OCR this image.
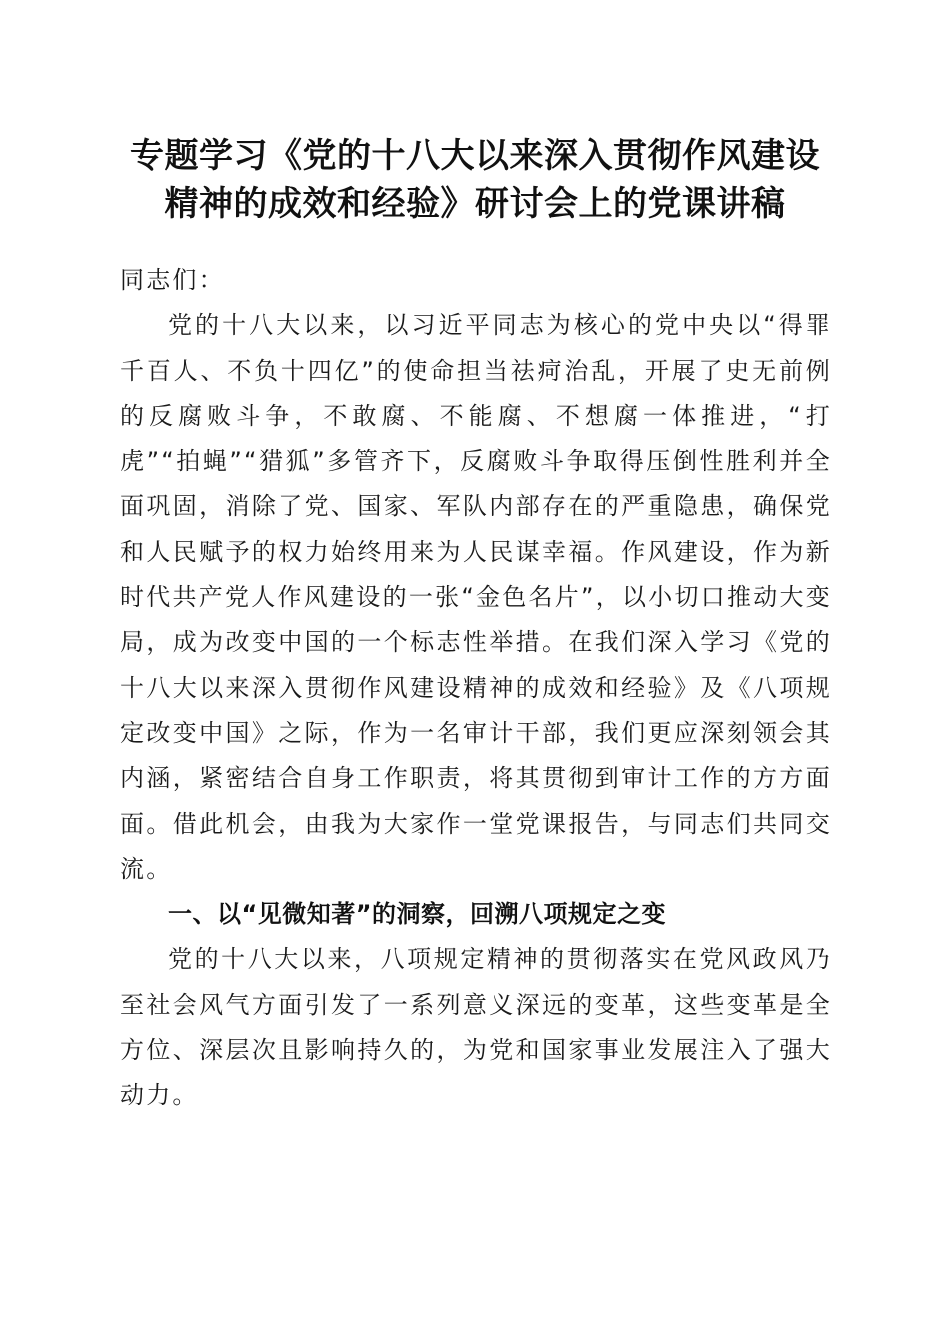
专题学习《党的十八大以来深入贯彻作风建设
精神的成效和经验》研讨会上的党课讲稿

同志们：

党的十八大以来，以习近平同志为核心的党中央以“得罪千百人、不负十四亿”的使命担当祛疴治乱，开展了史无前例的反腐败斗争，不敢腐、不能腐、不想腐一体推进，“打虎”“拍蝇”“猎狐”多管齐下，反腐败斗争取得压倒性胜利并全面巩固，消除了党、国家、军队内部存在的严重隐患，确保党和人民赋予的权力始终用来为人民谋幸福。作风建设，作为新时代共产党人作风建设的一张“金色名片”，以小切口推动大变局，成为改变中国的一个标志性举措。在我们深入学习《党的十八大以来深入贯彻作风建设精神的成效和经验》及《八项规定改变中国》之际，作为一名审计干部，我们更应深刻领会其内涵，紧密结合自身工作职责，将其贯彻到审计工作的方方面面。借此机会，由我为大家作一堂党课报告，与同志们共同交流。

一、以“见微知著”的洞察，回溯八项规定之变

党的十八大以来，八项规定精神的贯彻落实在党风政风乃至社会风气方面引发了一系列意义深远的变革，这些变革是全方位、深层次且影响持久的，为党和国家事业发展注入了强大动力。
